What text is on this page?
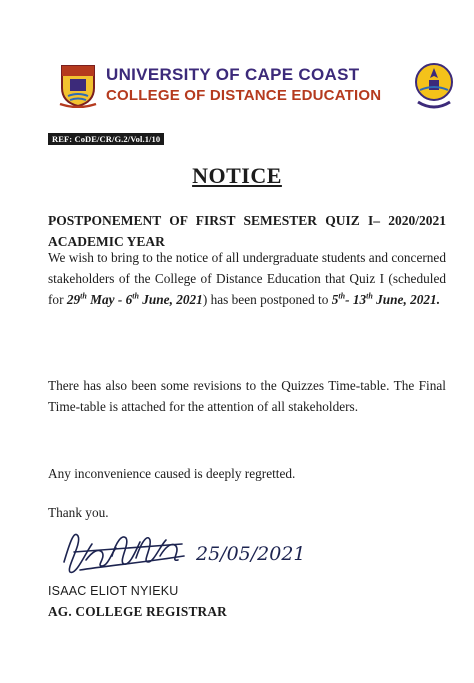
UNIVERSITY OF CAPE COAST
COLLEGE OF DISTANCE EDUCATION
REF: CoDE/CR/G.2/Vol.1/10
NOTICE
POSTPONEMENT OF FIRST SEMESTER QUIZ I– 2020/2021 ACADEMIC YEAR
We wish to bring to the notice of all undergraduate students and concerned stakeholders of the College of Distance Education that Quiz I (scheduled for 29th May - 6th June, 2021) has been postponed to 5th- 13th June, 2021.
There has also been some revisions to the Quizzes Time-table. The Final Time-table is attached for the attention of all stakeholders.
Any inconvenience caused is deeply regretted.
Thank you.
25/05/2021
ISAAC ELIOT NYIEKU
AG. COLLEGE REGISTRAR
